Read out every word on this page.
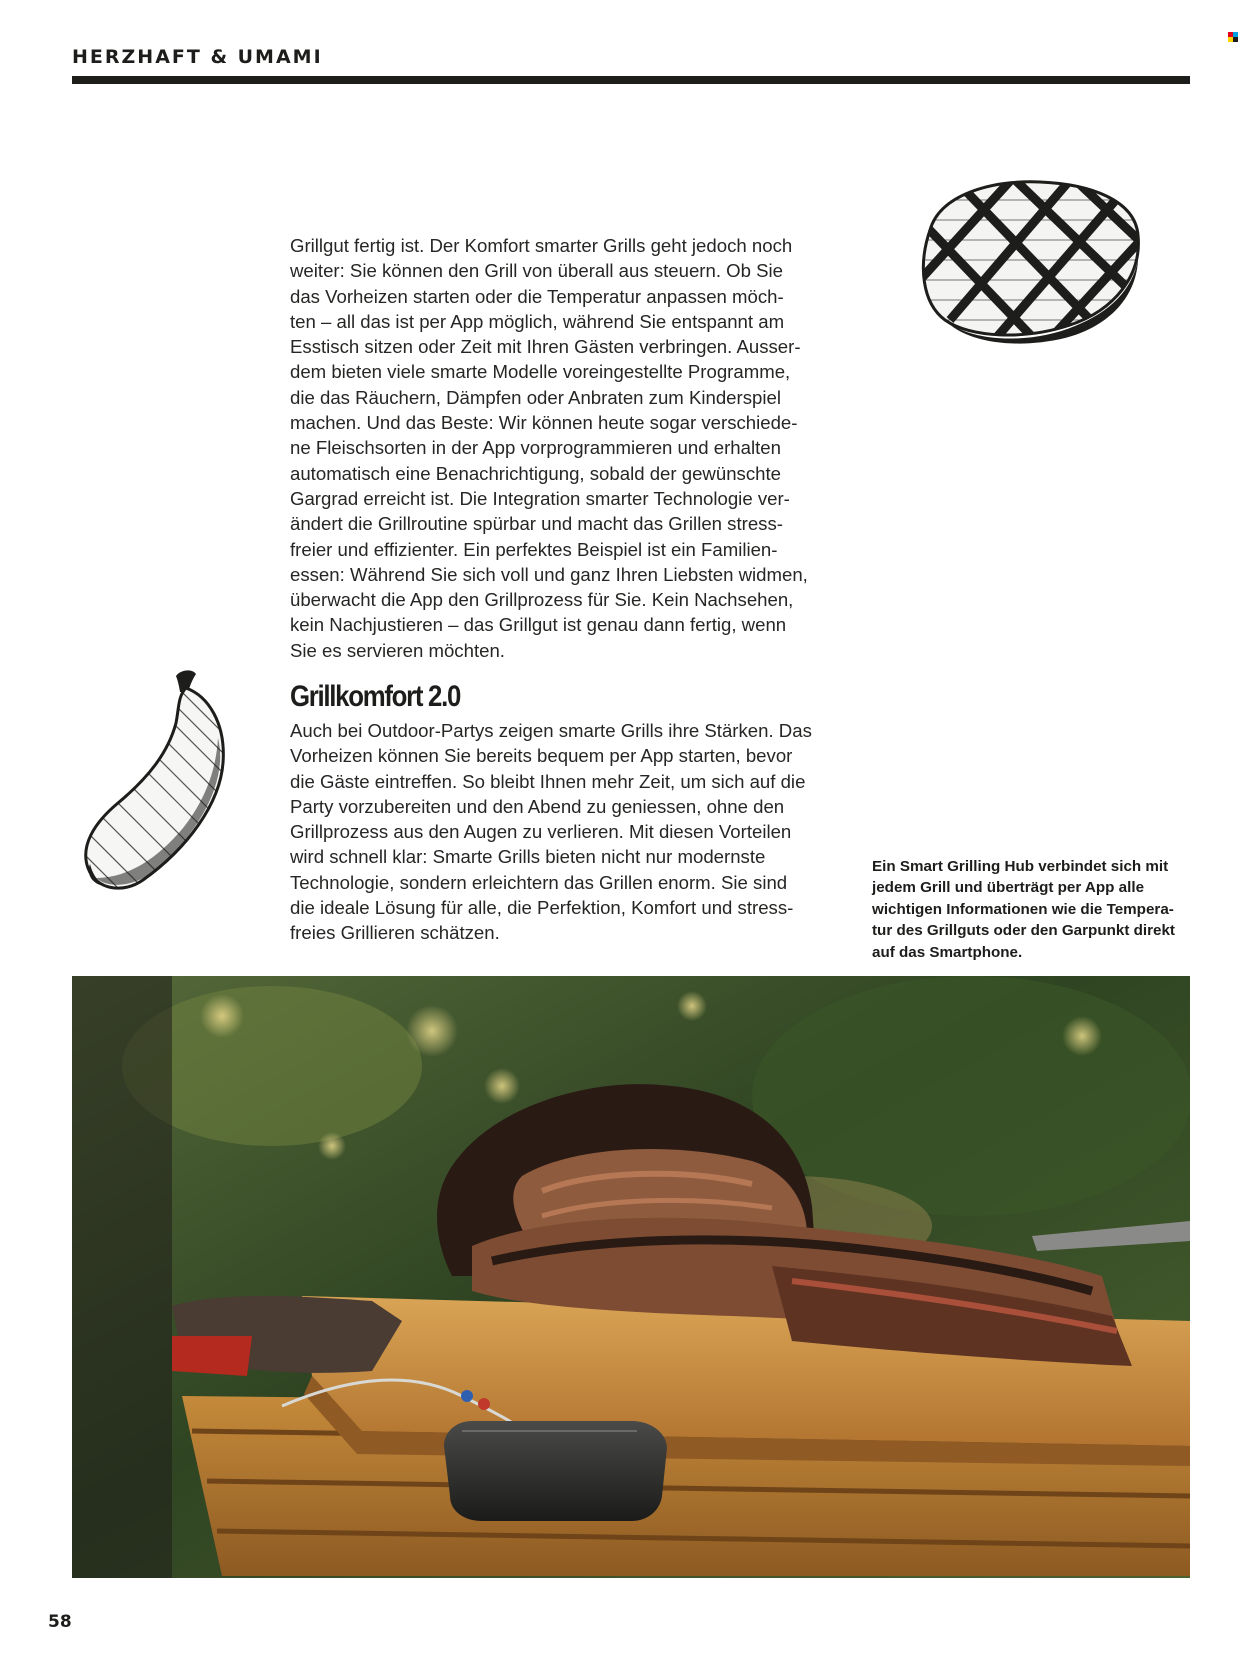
HERZHAFT & UMAMI

Grillgut fertig ist. Der Komfort smarter Grills geht jedoch noch

weiter: Sie können den Grill von überall aus steuern. Ob Sie

das Vorheizen starten oder die Temperatur anpassen möch-

ten – all das ist per App möglich, während Sie entspannt am

Esstisch sitzen oder Zeit mit Ihren Gästen verbringen. Ausser-

dem bieten viele smarte Modelle voreingestellte Programme,

die das Räuchern, Dämpfen oder Anbraten zum Kinderspiel

machen. Und das Beste: Wir können heute sogar verschiede-

ne Fleischsorten in der App vorprogrammieren und erhalten

automatisch eine Benachrichtigung, sobald der gewünschte

Gargrad erreicht ist. Die Integration smarter Technologie ver-

ändert die Grillroutine spürbar und macht das Grillen stress-

freier und effizienter. Ein perfektes Beispiel ist ein Familien-

essen: Während Sie sich voll und ganz Ihren Liebsten widmen,

überwacht die App den Grillprozess für Sie. Kein Nachsehen,

kein Nachjustieren – das Grillgut ist genau dann fertig, wenn

Sie es servieren möchten.

Grillkomfort 2.0

Auch bei Outdoor-Partys zeigen smarte Grills ihre Stärken. Das

Vorheizen können Sie bereits bequem per App starten, bevor

die Gäste eintreffen. So bleibt Ihnen mehr Zeit, um sich auf die

Party vorzubereiten und den Abend zu geniessen, ohne den

Grillprozess aus den Augen zu verlieren. Mit diesen Vorteilen

wird schnell klar: Smarte Grills bieten nicht nur modernste

Technologie, sondern erleichtern das Grillen enorm. Sie sind

die ideale Lösung für alle, die Perfektion, Komfort und stress-

freies Grillieren schätzen.

Ein Smart Grilling Hub verbindet sich mit
jedem Grill und überträgt per App alle
wichtigen Informationen wie die Tempera-
tur des Grillguts oder den Garpunkt direkt
auf das Smartphone.
58
